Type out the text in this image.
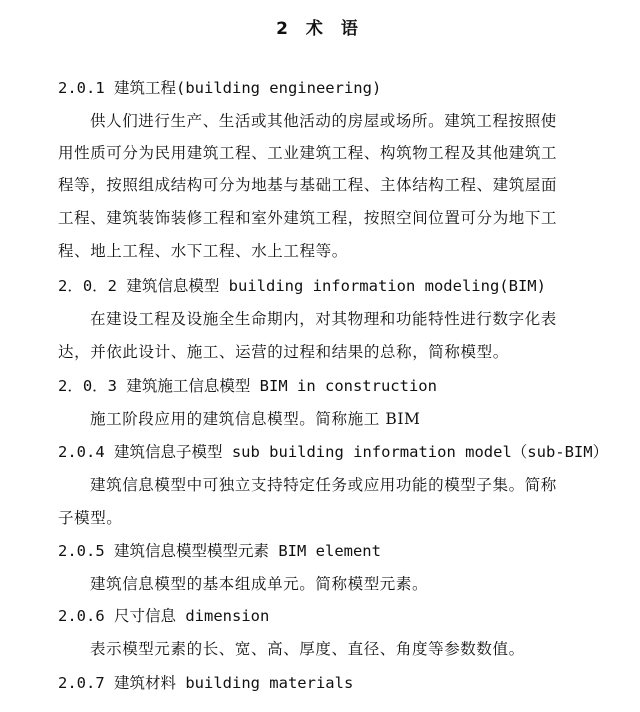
2 术 语
2.0.1 建筑工程(building engineering)
供人们进行生产、生活或其他活动的房屋或场所。建筑工程按照使
用性质可分为民用建筑工程、工业建筑工程、构筑物工程及其他建筑工
程等，按照组成结构可分为地基与基础工程、主体结构工程、建筑屋面
工程、建筑装饰装修工程和室外建筑工程，按照空间位置可分为地下工
程、地上工程、水下工程、水上工程等。
2．0．2 建筑信息模型 building information modeling(BIM)
在建设工程及设施全生命期内，对其物理和功能特性进行数字化表
达，并依此设计、施工、运营的过程和结果的总称，简称模型。
2．0．3 建筑施工信息模型 BIM in construction
施工阶段应用的建筑信息模型。简称施工 BIM
2.0.4 建筑信息子模型 sub building information model（sub-BIM）
建筑信息模型中可独立支持特定任务或应用功能的模型子集。简称
子模型。
2.0.5 建筑信息模型模型元素 BIM element
建筑信息模型的基本组成单元。简称模型元素。
2.0.6 尺寸信息 dimension
表示模型元素的长、宽、高、厚度、直径、角度等参数数值。
2.0.7 建筑材料 building materials
